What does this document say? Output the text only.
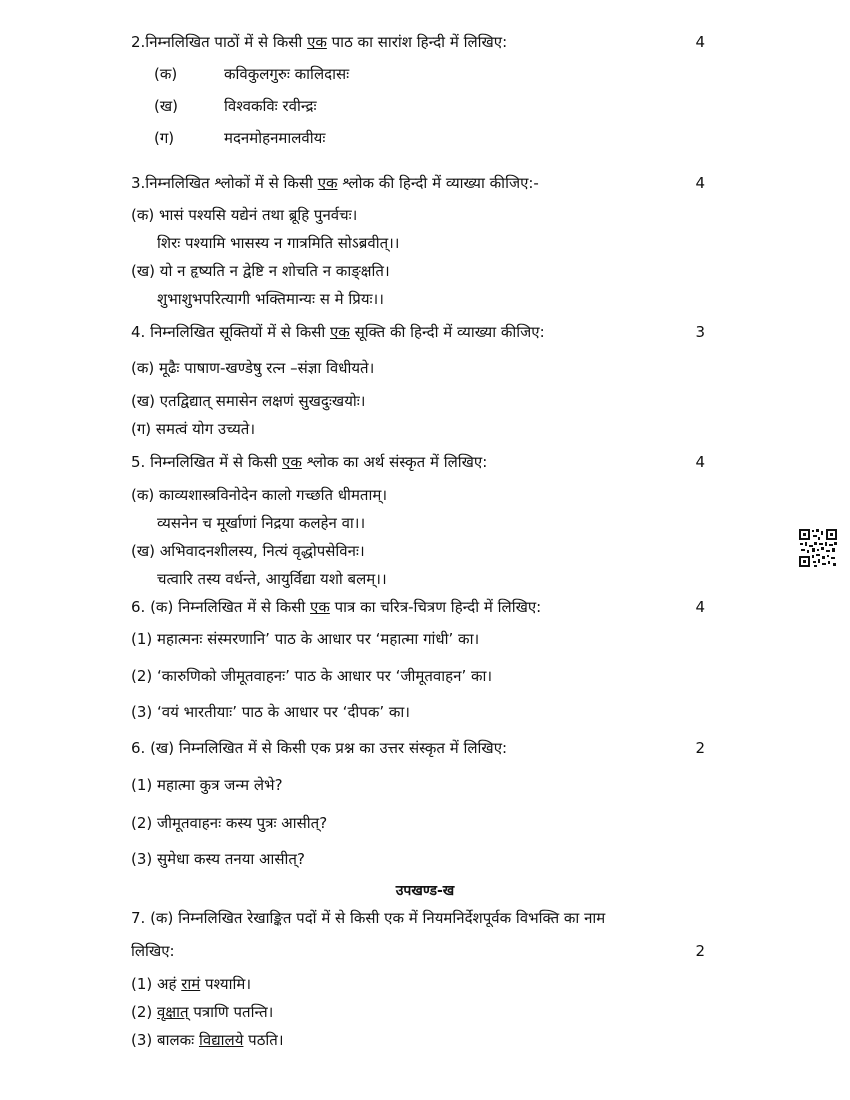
2.निम्नलिखित पाठों में से किसी एक पाठ का सारांश हिन्दी में लिखिए:	4
(क)	कविकुलगुरुः कालिदासः
(ख)	विश्वकविः रवीन्द्रः
(ग)	मदनमोहनमालवीयः
3.निम्नलिखित श्लोकों में से किसी एक श्लोक की हिन्दी में व्याख्या कीजिए:-	4
(क) भासं पश्यसि यद्येनं तथा ब्रूहि पुनर्वचः।
शिरः पश्यामि भासस्य न गात्रमिति सोऽब्रवीत्।।
(ख) यो न हृष्यति न द्वेष्टि न शोचति न काङ्क्षति।
शुभाशुभपरित्यागी भक्तिमान्यः स मे प्रियः।।
4. निम्नलिखित सूक्तियों में से किसी एक सूक्ति की हिन्दी में व्याख्या कीजिए:	3
(क) मूढैः पाषाण-खण्डेषु रत्न –संज्ञा विधीयते।
(ख) एतद्विद्यात् समासेन लक्षणं सुखदुःखयोः।
(ग) समत्वं योग उच्यते।
5. निम्नलिखित में से किसी एक श्लोक का अर्थ संस्कृत में लिखिए:	4
(क) काव्यशास्त्रविनोदेन कालो गच्छति धीमताम्।
व्यसनेन च मूर्खाणां निद्रया कलहेन वा।।
(ख) अभिवादनशीलस्य, नित्यं वृद्धोपसेविनः।
चत्वारि तस्य वर्धन्ते, आयुर्विद्या यशो बलम्।।
6. (क) निम्नलिखित में से किसी एक पात्र का चरित्र-चित्रण हिन्दी में लिखिए:	4
(1) महात्मनः संस्मरणानि’ पाठ के आधार पर ‘महात्मा गांधी’ का।
(2) ‘कारुणिको जीमूतवाहनः’ पाठ के आधार पर ‘जीमूतवाहन’ का।
(3) ‘वयं भारतीयाः’ पाठ के आधार पर ‘दीपक’ का।
6. (ख) निम्नलिखित में से किसी एक प्रश्न का उत्तर संस्कृत में लिखिए:	2
(1) महात्मा कुत्र जन्म लेभे?
(2) जीमूतवाहनः कस्य पुत्रः आसीत्?
(3) सुमेधा कस्य तनया आसीत्?
उपखण्ड-ख
7. (क) निम्नलिखित रेखाङ्कित पदों में से किसी एक में नियमनिर्देशपूर्वक विभक्ति का नाम
लिखिए:	2
(1) अहं रामं पश्यामि।
(2) वृक्षात् पत्राणि पतन्ति।
(3) बालकः विद्यालये पठति।
